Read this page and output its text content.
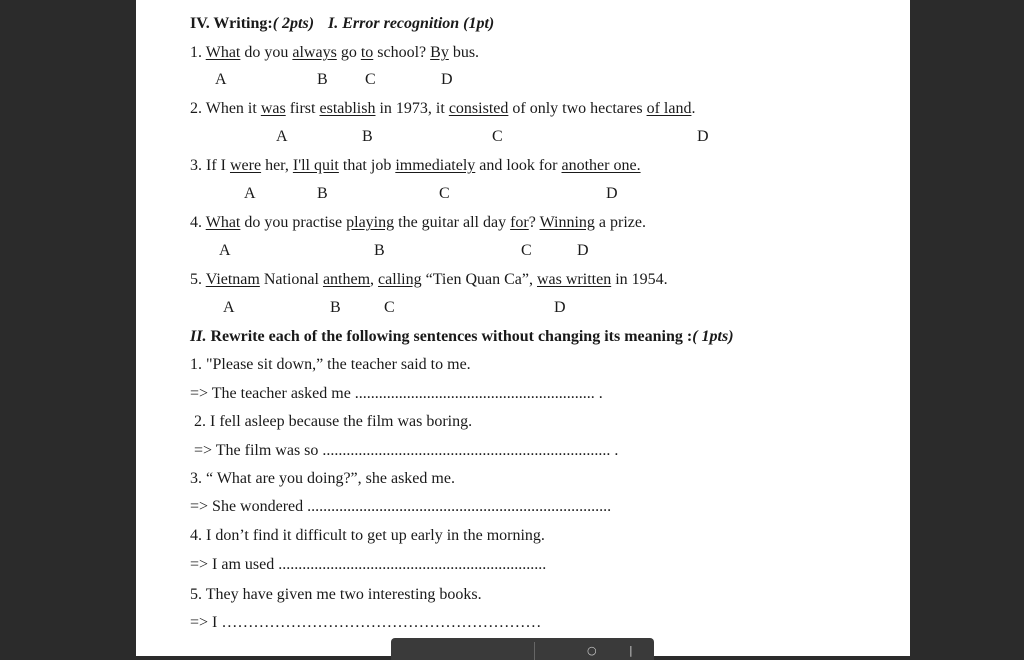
IV. Writing:( 2pts) I. Error recognition (1pt)
1. What do you always go to school? By bus.
A	B C	D
2. When it was first establish in 1973, it consisted of only two hectares of land.
A	B	C	D
3. If I were her, I'll quit that job immediately and look for another one.
A	B	C	D
4. What do you practise playing the guitar all day for? Winning a prize.
A	B	C	D
5. Vietnam National anthem, calling “Tien Quan Ca”, was written in 1954.
A	B	C	D
II. Rewrite each of the following sentences without changing its meaning :( 1pts)
1. "Please sit down,” the teacher said to me.
=> The teacher asked me ............................................................ .
2. I fell asleep because the film was boring.
=> The film was so ........................................................................ .
3. “ What are you doing?”, she asked me.
=> She wondered ............................................................................
4. I don’t find it difficult to get up early in the morning.
=> I am used ...................................................................
5. They have given me two interesting books.
=> I ……………………………………………………
○	|
